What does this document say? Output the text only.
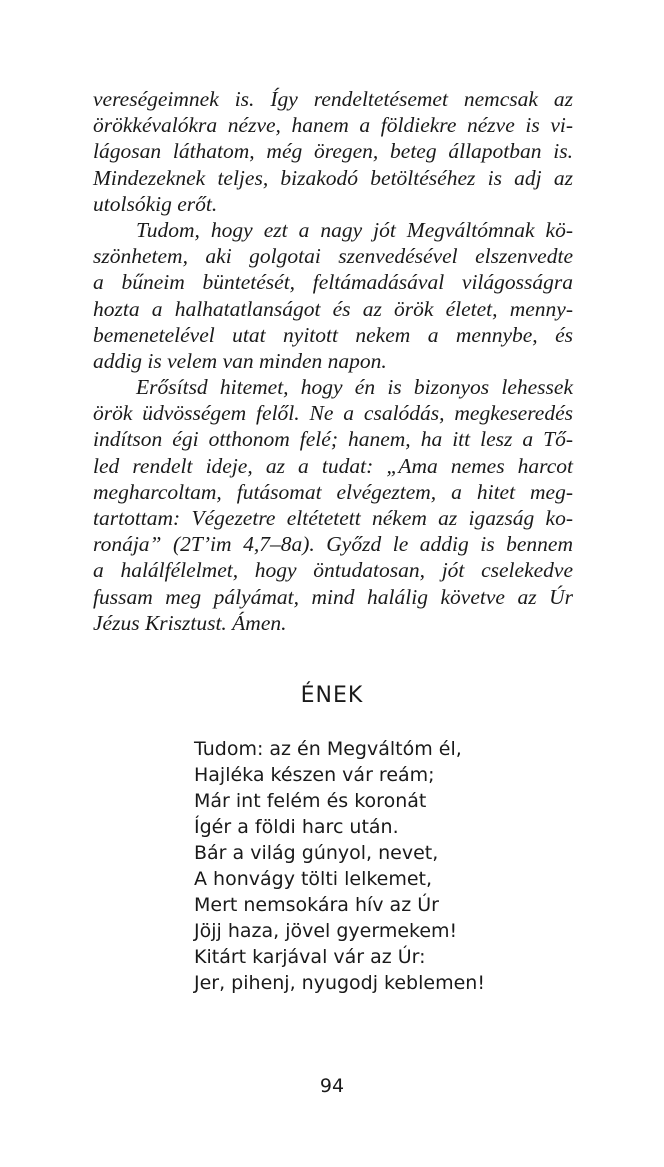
vereségeimnek is. Így rendeltetésemet nemcsak az
örökkévalókra nézve, hanem a földiekre nézve is vi-
lágosan láthatom, még öregen, beteg állapotban is.
Mindezeknek teljes, bizakodó betöltéséhez is adj az
utolsókig erőt.
Tudom, hogy ezt a nagy jót Megváltómnak kö-
szönhetem, aki golgotai szenvedésével elszenvedte
a bűneim büntetését, feltámadásával világosságra
hozta a halhatatlanságot és az örök életet, menny-
bemenetelével utat nyitott nekem a mennybe, és
addig is velem van minden napon.
Erősítsd hitemet, hogy én is bizonyos lehessek
örök üdvösségem felől. Ne a csalódás, megkeseredés
indítson égi otthonom felé; hanem, ha itt lesz a Tő-
led rendelt ideje, az a tudat: „Ama nemes harcot
megharcoltam, futásomat elvégeztem, a hitet meg-
tartottam: Végezetre eltétetett nékem az igazság ko-
ronája” (2T’im 4,7–8a). Győzd le addig is bennem
a halálfélelmet, hogy öntudatosan, jót cselekedve
fussam meg pályámat, mind halálig követve az Úr
Jézus Krisztust. Ámen.
ÉNEK
Tudom: az én Megváltóm él,
Hajléka készen vár reám;
Már int felém és koronát
Ígér a földi harc után.
Bár a világ gúnyol, nevet,
A honvágy tölti lelkemet,
Mert nemsokára hív az Úr
Jöjj haza, jövel gyermekem!
Kitárt karjával vár az Úr:
Jer, pihenj, nyugodj keblemen!
94
